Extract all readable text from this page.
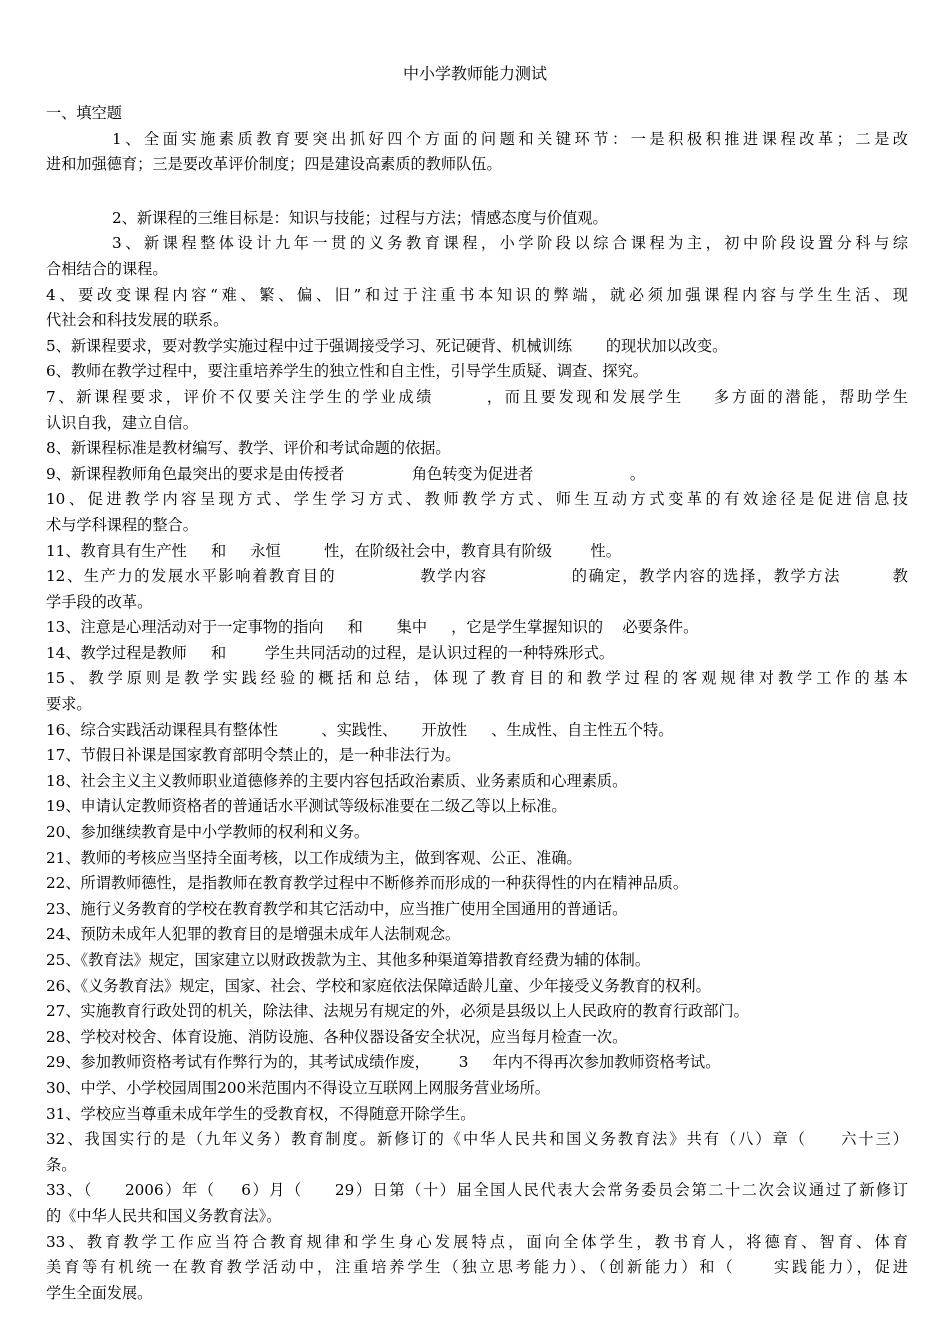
中小学教师能力测试
一、填空题
1、全面实施素质教育要突出抓好四个方面的问题和关键环节：一是积极积推进课程改革；二是改
进和加强德育；三是要改革评价制度；四是建设高素质的教师队伍。
2、新课程的三维目标是：知识与技能；过程与方法；情感态度与价值观。
3、新课程整体设计九年一贯的义务教育课程，小学阶段以综合课程为主，初中阶段设置分科与综
合相结合的课程。
4、要改变课程内容“难、繁、偏、旧”和过于注重书本知识的弊端，就必须加强课程内容与学生生活、现
代社会和科技发展的联系。
5、新课程要求，要对教学实施过程中过于强调接受学习、死记硬背、机械训练       的现状加以改变。
6、教师在教学过程中，要注重培养学生的独立性和自主性，引导学生质疑、调查、探究。
7、新课程要求，评价不仅要关注学生的学业成绩       ，而且要发现和发展学生    多方面的潜能，帮助学生
认识自我，建立自信。
8、新课程标准是教材编写、教学、评价和考试命题的依据。
9、新课程教师角色最突出的要求是由传授者              角色转变为促进者                    。
10、促进教学内容呈现方式、学生学习方式、教师教学方式、师生互动方式变革的有效途径是促进信息技
术与学科课程的整合。
11、教育具有生产性     和     永恒         性，在阶级社会中，教育具有阶级        性。
12、生产力的发展水平影响着教育目的             教学内容             的确定，教学内容的选择，教学方法        教
学手段的改革。
13、注意是心理活动对于一定事物的指向     和       集中     ，它是学生掌握知识的    必要条件。
14、教学过程是教师     和        学生共同活动的过程，是认识过程的一种特殊形式。
15、教学原则是教学实践经验的概括和总结，体现了教育目的和教学过程的客观规律对教学工作的基本
要求。
16、综合实践活动课程具有整体性         、实践性、     开放性     、生成性、自主性五个特。
17、节假日补课是国家教育部明令禁止的，是一种非法行为。
18、社会主义主义教师职业道德修养的主要内容包括政治素质、业务素质和心理素质。
19、申请认定教师资格者的普通话水平测试等级标准要在二级乙等以上标准。
20、参加继续教育是中小学教师的权利和义务。
21、教师的考核应当坚持全面考核，以工作成绩为主，做到客观、公正、准确。
22、所谓教师德性，是指教师在教育教学过程中不断修养而形成的一种获得性的内在精神品质。
23、施行义务教育的学校在教育教学和其它活动中，应当推广使用全国通用的普通话。
24、预防未成年人犯罪的教育目的是增强未成年人法制观念。
25、《教育法》规定，国家建立以财政拨款为主、其他多种渠道筹措教育经费为辅的体制。
26、《义务教育法》规定，国家、社会、学校和家庭依法保障适龄儿童、少年接受义务教育的权利。
27、实施教育行政处罚的机关，除法律、法规另有规定的外，必须是县级以上人民政府的教育行政部门。
28、学校对校舍、体育设施、消防设施、各种仪器设备安全状况，应当每月检查一次。
29、参加教师资格考试有作弊行为的，其考试成绩作废，      3     年内不得再次参加教师资格考试。
30、中学、小学校园周围200米范围内不得设立互联网上网服务营业场所。
31、学校应当尊重未成年学生的受教育权，不得随意开除学生。
32、我国实行的是（九年义务）教育制度。新修订的《中华人民共和国义务教育法》共有（八）章（     六十三）
条。
33、（     2006）年（    6）月（     29）日第（十）届全国人民代表大会常务委员会第二十二次会议通过了新修订
的《中华人民共和国义务教育法》。
33、教育教学工作应当符合教育规律和学生身心发展特点，面向全体学生，教书育人，将德育、智育、体育
美育等有机统一在教育教学活动中，注重培养学生（独立思考能力）、（创新能力）和（     实践能力），促进
学生全面发展。
